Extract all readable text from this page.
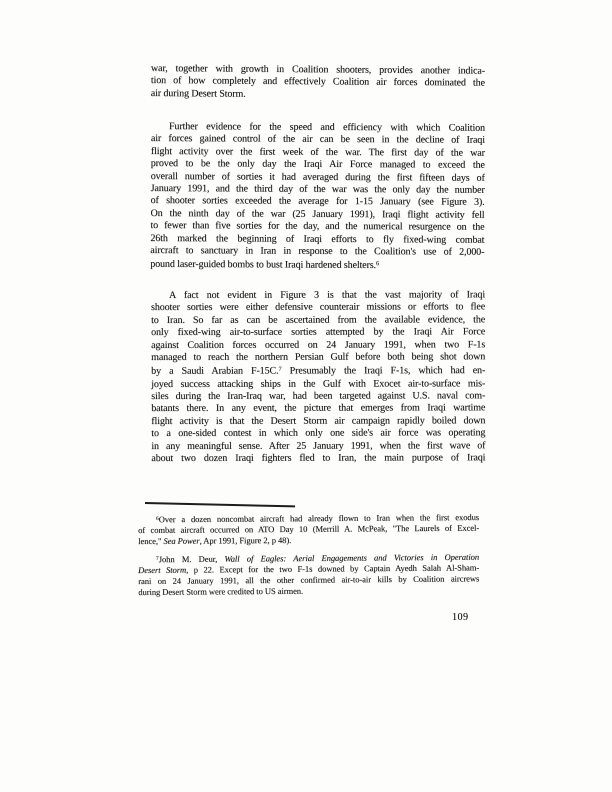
war, together with growth in Coalition shooters, provides another indica-
tion of how completely and effectively Coalition air forces dominated the
air during Desert Storm.
Further evidence for the speed and efficiency with which Coalition
air forces gained control of the air can be seen in the decline of Iraqi
flight activity over the first week of the war. The first day of the war
proved to be the only day the Iraqi Air Force managed to exceed the
overall number of sorties it had averaged during the first fifteen days of
January 1991, and the third day of the war was the only day the number
of shooter sorties exceeded the average for 1-15 January (see Figure 3).
On the ninth day of the war (25 January 1991), Iraqi flight activity fell
to fewer than five sorties for the day, and the numerical resurgence on the
26th marked the beginning of Iraqi efforts to fly fixed-wing combat
aircraft to sanctuary in Iran in response to the Coalition's use of 2,000-
pound laser-guided bombs to bust Iraqi hardened shelters.$^6$
A fact not evident in Figure 3 is that the vast majority of Iraqi
shooter sorties were either defensive counterair missions or efforts to flee
to Iran. So far as can be ascertained from the available evidence, the
only fixed-wing air-to-surface sorties attempted by the Iraqi Air Force
against Coalition forces occurred on 24 January 1991, when two F-1s
managed to reach the northern Persian Gulf before both being shot down
by a Saudi Arabian F-15C.$^7$ Presumably the Iraqi F-1s, which had en-
joyed success attacking ships in the Gulf with Exocet air-to-surface mis-
siles during the Iran-Iraq war, had been targeted against U.S. naval com-
batants there. In any event, the picture that emerges from Iraqi wartime
flight activity is that the Desert Storm air campaign rapidly boiled down
to a one-sided contest in which only one side's air force was operating
in any meaningful sense. After 25 January 1991, when the first wave of
about two dozen Iraqi fighters fled to Iran, the main purpose of Iraqi
$^6$Over a dozen noncombat aircraft had already flown to Iran when the first exodus
of combat aircraft occurred on ATO Day 10 (Merrill A. McPeak, "The Laurels of Excel-
lence," Sea Power, Apr 1991, Figure 2, p 48).
$^7$John M. Deur, Wall of Eagles: Aerial Engagements and Victories in Operation
Desert Storm, p 22. Except for the two F-1s downed by Captain Ayedh Salah Al-Sham-
rani on 24 January 1991, all the other confirmed air-to-air kills by Coalition aircrews
during Desert Storm were credited to US airmen.
109
